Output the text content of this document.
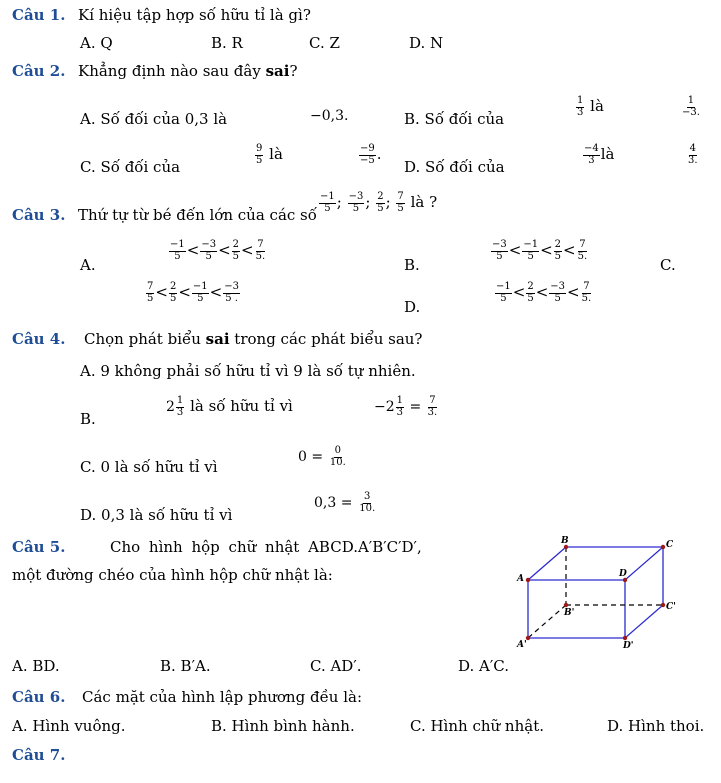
Câu 1. Kí hiệu tập hợp số hữu tỉ là gì?
A. Q	B. R	C. Z	D. N
Câu 2. Khẳng định nào sau đây sai?
A. Số đối của 0,3 là	−0,3.	B. Số đối của
$\frac{1}{3}$ là	$\frac{1}{-3.}$
C. Số đối của
$\frac{9}{5}$ là	$\frac{-9}{-5}$ .
D. Số đối của
$\frac{-4}{3}$ là	$\frac{4}{3.}$
Câu 3. Thứ tự từ bé đến lớn của các số
$\frac{-1}{5}$ ; $\frac{-3}{5}$ ; $\frac{2}{5}$ ; $\frac{7}{5}$ là ?
A.
$\frac{-1}{5} < \frac{-3}{5} < \frac{2}{5} < \frac{7}{5.}$
B.
$\frac{-3}{5} < \frac{-1}{5} < \frac{2}{5} < \frac{7}{5.}$
C.
$\frac{7}{5} < \frac{2}{5} < \frac{-1}{5} < \frac{-3}{5 .}$
D.
$\frac{-1}{5} < \frac{2}{5} < \frac{-3}{5} < \frac{7}{5.}$
Câu 4. Chọn phát biểu sai trong các phát biểu sau?
A. 9 không phải số hữu tỉ vì 9 là số tự nhiên.
B.
$2 \frac{1}{3}$ là số hữu tỉ vì	$-2 \frac{1}{3} = \frac{7}{3.}$
C. 0 là số hữu tỉ vì
$0 = \frac{0}{10.}$
D. 0,3 là số hữu tỉ vì
$0,3 = \frac{3}{10.}$
Câu 5.	Cho hình hộp chữ nhật ABCD.A′B′C′D′,
một đường chéo của hình hộp chữ nhật là:
B	C
A	D
B'
C'
A'	D'
A. BD.	B. B′A.	C. AD′.	D. A′C.
Câu 6. Các mặt của hình lập phương đều là:
A. Hình vuông.	B. Hình bình hành.	C. Hình chữ nhật.	D. Hình thoi.
Câu 7.
